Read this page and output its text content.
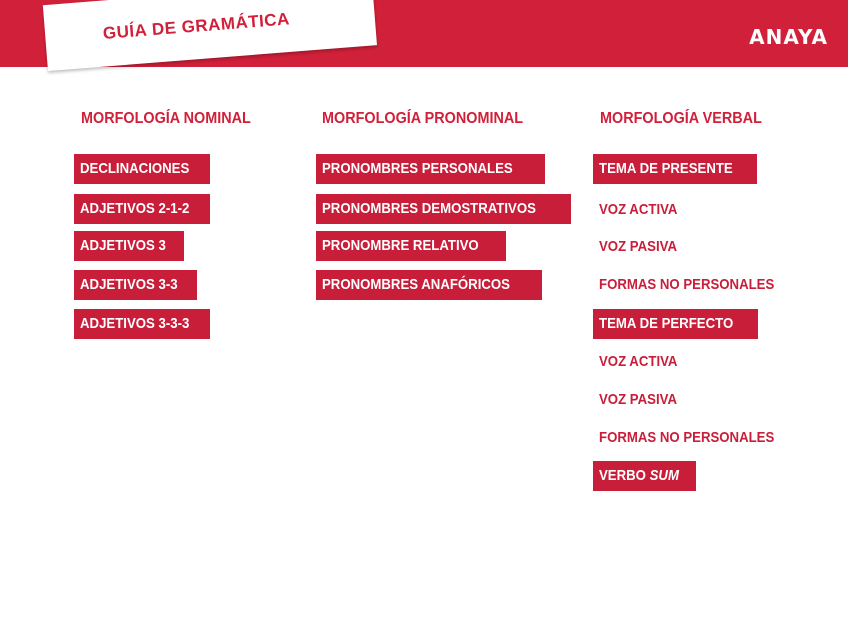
GUÍA DE GRAMÁTICA	ANAYA
MORFOLOGÍA NOMINAL
DECLINACIONES
ADJETIVOS 2-1-2
ADJETIVOS 3
ADJETIVOS 3-3
ADJETIVOS 3-3-3
MORFOLOGÍA PRONOMINAL
PRONOMBRES PERSONALES
PRONOMBRES DEMOSTRATIVOS
PRONOMBRE RELATIVO
PRONOMBRES ANAFÓRICOS
MORFOLOGÍA VERBAL
TEMA DE PRESENTE
VOZ ACTIVA
VOZ PASIVA
FORMAS NO PERSONALES
TEMA DE PERFECTO
VOZ ACTIVA
VOZ PASIVA
FORMAS NO PERSONALES
VERBO SUM
